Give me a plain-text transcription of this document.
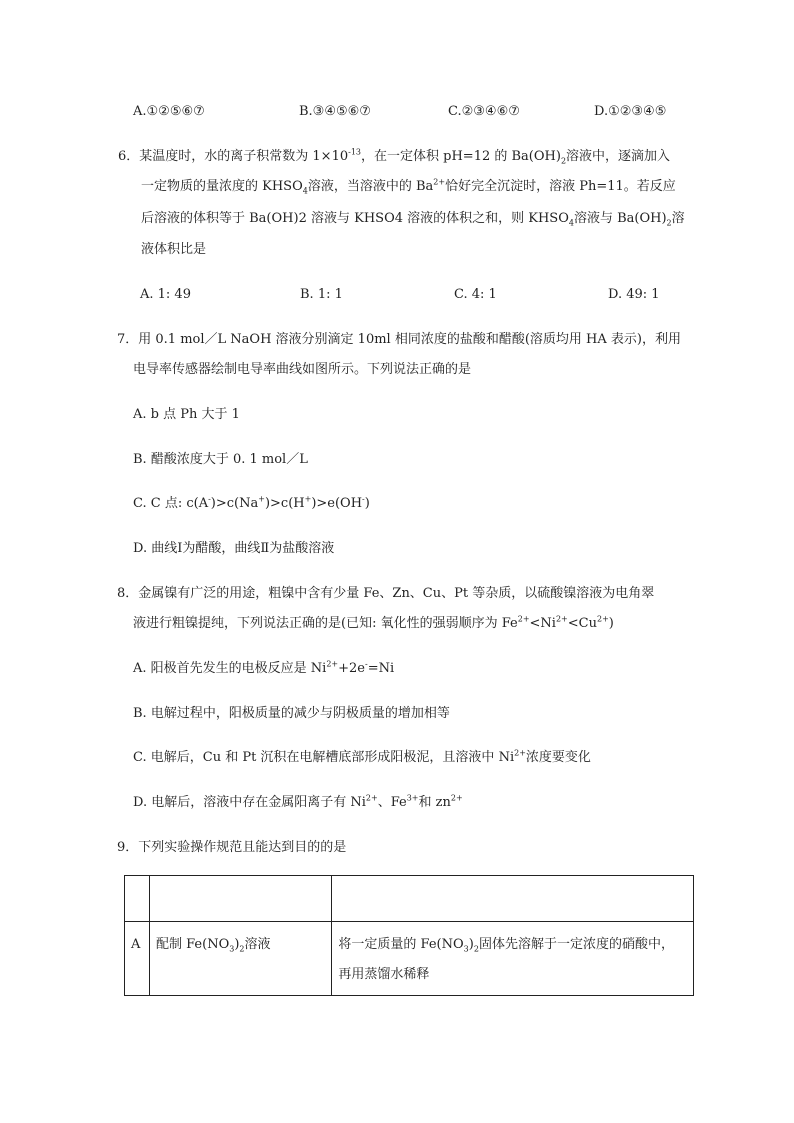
A.①②⑤⑥⑦	B.③④⑤⑥⑦	C.②③④⑥⑦	D.①②③④⑤
6．某温度时，水的离子积常数为 $1\times 10^{-13}$，在一定体积 pH=12 的 $Ba(OH)_2$溶液中，逐滴加入
一定物质的量浓度的 $KHSO_4$溶液，当溶液中的 $Ba^{2+}$恰好完全沉淀时，溶液 Ph=11。若反应
后溶液的体积等于 Ba(OH)2 溶液与 KHSO4 溶液的体积之和，则 $KHSO_4$溶液与 $Ba(OH)_2$溶
液体积比是
A. 1: 49	B. 1: 1	C. 4: 1	D. 49: 1
7．用 0.1 mol／L NaOH 溶液分别滴定 10ml 相同浓度的盐酸和醋酸(溶质均用 HA 表示)，利用
电导率传感器绘制电导率曲线如图所示。下列说法正确的是
A. b 点 Ph 大于 1
B. 醋酸浓度大于 0. 1 mol／L
C. C 点: c(A-)>c(Na+)>c(H+)>e(OH-)
D. 曲线Ⅰ为醋酸，曲线Ⅱ为盐酸溶液
8．金属镍有广泛的用途，粗镍中含有少量 Fe、Zn、Cu、Pt 等杂质，以硫酸镍溶液为电角翠
液进行粗镍提纯，下列说法正确的是(已知: 氧化性的强弱顺序为 $Fe^{2+}<Ni^{2+}<Cu^{2+}$)
A. 阳极首先发生的电极反应是 $Ni^{2+}+2e^-=Ni$
B. 电解过程中，阳极质量的减少与阴极质量的增加相等
C. 电解后，Cu 和 Pt 沉积在电解槽底部形成阳极泥，且溶液中 $Ni^{2+}$浓度要变化
D. 电解后，溶液中存在金属阳离子有 $Ni^{2+}$、$Fe^{3+}$和 $zn^{2+}$
9．下列实验操作规范且能达到目的的是

A	配制 $Fe(NO_3)_2$溶液	将一定质量的 $Fe(NO_3)_2$固体先溶解于一定浓度的硝酸中，
再用蒸馏水稀释
